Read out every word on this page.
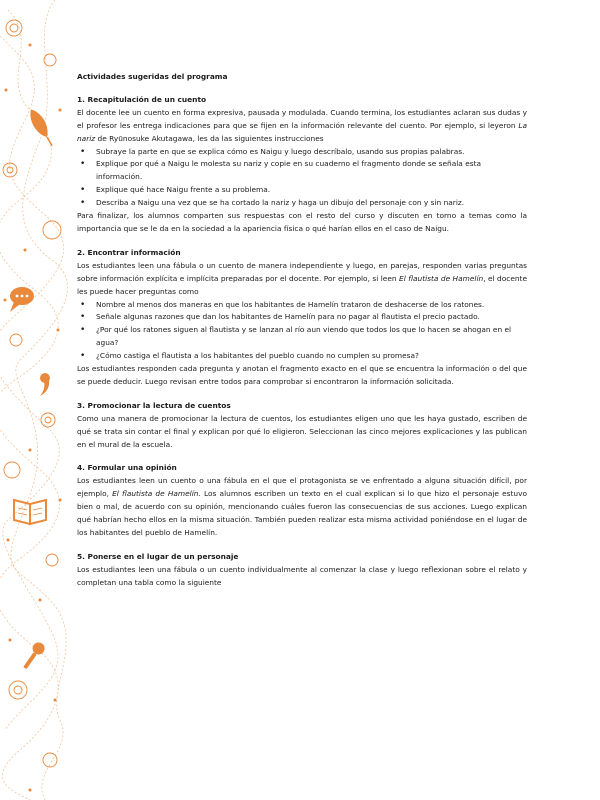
Actividades sugeridas del programa
1. Recapitulación de un cuento

El docente lee un cuento en forma expresiva, pausada y modulada. Cuando termina, los estudiantes aclaran sus dudas y el profesor les entrega indicaciones para que se fijen en la información relevante del cuento. Por ejemplo, si leyeron La nariz de Ryūnosuke Akutagawa, les da las siguientes instrucciones

• Subraye la parte en que se explica cómo es Naigu y luego descríbalo, usando sus propias palabras.
• Explique por qué a Naigu le molesta su nariz y copie en su cuaderno el fragmento donde se señala esta información.
• Explique qué hace Naigu frente a su problema.
• Describa a Naigu una vez que se ha cortado la nariz y haga un dibujo del personaje con y sin nariz.

Para finalizar, los alumnos comparten sus respuestas con el resto del curso y discuten en torno a temas como la importancia que se le da en la sociedad a la apariencia física o qué harían ellos en el caso de Naigu.

2. Encontrar información

Los estudiantes leen una fábula o un cuento de manera independiente y luego, en parejas, responden varias preguntas sobre información explícita e implícita preparadas por el docente. Por ejemplo, si leen El flautista de Hamelín, el docente les puede hacer preguntas como

• Nombre al menos dos maneras en que los habitantes de Hamelín trataron de deshacerse de los ratones.
• Señale algunas razones que dan los habitantes de Hamelín para no pagar al flautista el precio pactado.
• ¿Por qué los ratones siguen al flautista y se lanzan al río aun viendo que todos los que lo hacen se ahogan en el agua?
• ¿Cómo castiga el flautista a los habitantes del pueblo cuando no cumplen su promesa?

Los estudiantes responden cada pregunta y anotan el fragmento exacto en el que se encuentra la información o del que se puede deducir. Luego revisan entre todos para comprobar si encontraron la información solicitada.

3. Promocionar la lectura de cuentos

Como una manera de promocionar la lectura de cuentos, los estudiantes eligen uno que les haya gustado, escriben de qué se trata sin contar el final y explican por qué lo eligieron. Seleccionan las cinco mejores explicaciones y las publican en el mural de la escuela.

4. Formular una opinión

Los estudiantes leen un cuento o una fábula en el que el protagonista se ve enfrentado a alguna situación difícil, por ejemplo, El flautista de Hamelín. Los alumnos escriben un texto en el cual explican si lo que hizo el personaje estuvo bien o mal, de acuerdo con su opinión, mencionando cuáles fueron las consecuencias de sus acciones. Luego explican qué habrían hecho ellos en la misma situación. También pueden realizar esta misma actividad poniéndose en el lugar de los habitantes del pueblo de Hamelín.

5. Ponerse en el lugar de un personaje

Los estudiantes leen una fábula o un cuento individualmente al comenzar la clase y luego reflexionan sobre el relato y completan una tabla como la siguiente
